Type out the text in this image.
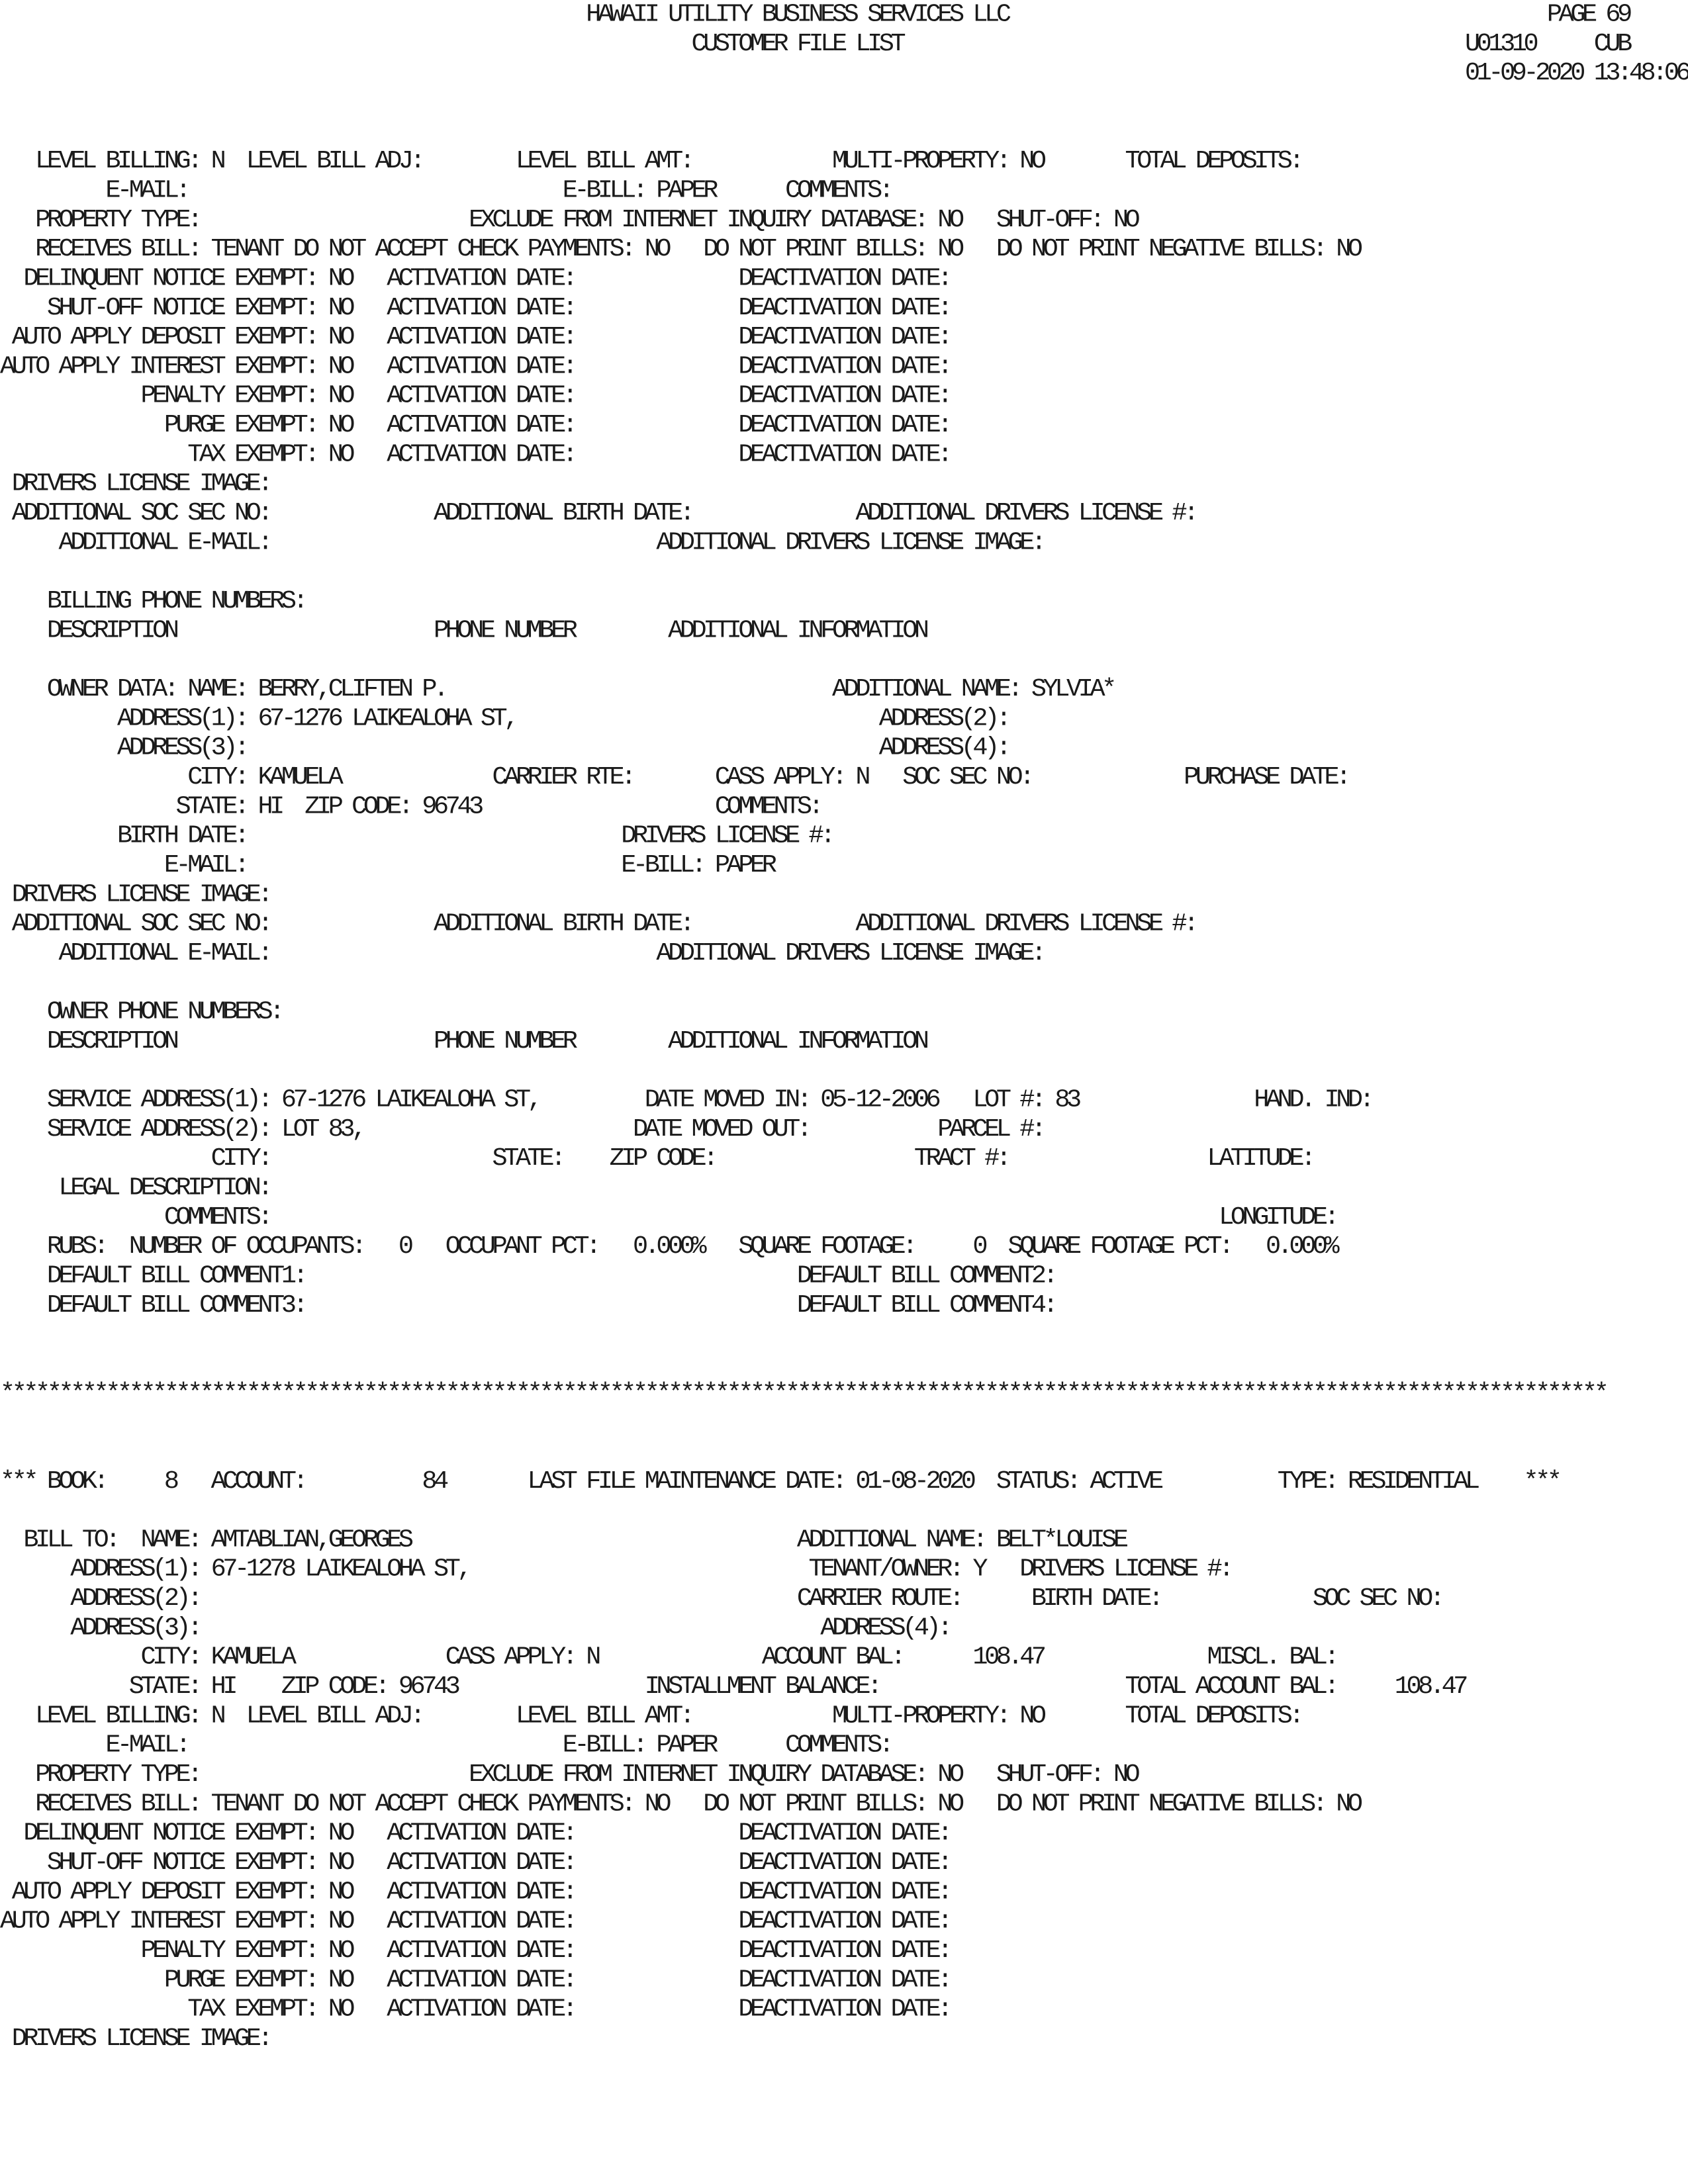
HAWAII UTILITY BUSINESS SERVICES LLC                                              PAGE 69
CUSTOMER FILE LIST                                                U01310     CUB
01-09-2020 13:48:06

LEVEL BILLING: N  LEVEL BILL ADJ:        LEVEL BILL AMT:            MULTI-PROPERTY: NO       TOTAL DEPOSITS:
E-MAIL:                                E-BILL: PAPER      COMMENTS:
PROPERTY TYPE:                       EXCLUDE FROM INTERNET INQUIRY DATABASE: NO   SHUT-OFF: NO
RECEIVES BILL: TENANT DO NOT ACCEPT CHECK PAYMENTS: NO   DO NOT PRINT BILLS: NO   DO NOT PRINT NEGATIVE BILLS: NO
DELINQUENT NOTICE EXEMPT: NO   ACTIVATION DATE:              DEACTIVATION DATE:
SHUT-OFF NOTICE EXEMPT: NO   ACTIVATION DATE:              DEACTIVATION DATE:
AUTO APPLY DEPOSIT EXEMPT: NO   ACTIVATION DATE:              DEACTIVATION DATE:
AUTO APPLY INTEREST EXEMPT: NO   ACTIVATION DATE:              DEACTIVATION DATE:
PENALTY EXEMPT: NO   ACTIVATION DATE:              DEACTIVATION DATE:
PURGE EXEMPT: NO   ACTIVATION DATE:              DEACTIVATION DATE:
TAX EXEMPT: NO   ACTIVATION DATE:              DEACTIVATION DATE:
DRIVERS LICENSE IMAGE:
ADDITIONAL SOC SEC NO:              ADDITIONAL BIRTH DATE:              ADDITIONAL DRIVERS LICENSE #:
ADDITIONAL E-MAIL:                                 ADDITIONAL DRIVERS LICENSE IMAGE:

BILLING PHONE NUMBERS:
DESCRIPTION                      PHONE NUMBER        ADDITIONAL INFORMATION

OWNER DATA: NAME: BERRY,CLIFTEN P.                                 ADDITIONAL NAME: SYLVIA*
ADDRESS(1): 67-1276 LAIKEALOHA ST,                               ADDRESS(2):
ADDRESS(3):                                                      ADDRESS(4):
CITY: KAMUELA             CARRIER RTE:       CASS APPLY: N   SOC SEC NO:             PURCHASE DATE:
STATE: HI  ZIP CODE: 96743                    COMMENTS:
BIRTH DATE:                                DRIVERS LICENSE #:
E-MAIL:                                E-BILL: PAPER
DRIVERS LICENSE IMAGE:
ADDITIONAL SOC SEC NO:              ADDITIONAL BIRTH DATE:              ADDITIONAL DRIVERS LICENSE #:
ADDITIONAL E-MAIL:                                 ADDITIONAL DRIVERS LICENSE IMAGE:

OWNER PHONE NUMBERS:
DESCRIPTION                      PHONE NUMBER        ADDITIONAL INFORMATION

SERVICE ADDRESS(1): 67-1276 LAIKEALOHA ST,         DATE MOVED IN: 05-12-2006   LOT #: 83               HAND. IND:
SERVICE ADDRESS(2): LOT 83,                       DATE MOVED OUT:           PARCEL #:
CITY:                   STATE:    ZIP CODE:                 TRACT #:                 LATITUDE:
LEGAL DESCRIPTION:
COMMENTS:                                                                                 LONGITUDE:
RUBS:  NUMBER OF OCCUPANTS:   0   OCCUPANT PCT:   0.000%   SQUARE FOOTAGE:     0  SQUARE FOOTAGE PCT:   0.000%
DEFAULT BILL COMMENT1:                                          DEFAULT BILL COMMENT2:
DEFAULT BILL COMMENT3:                                          DEFAULT BILL COMMENT4:

*****************************************************************************************************************************************

*** BOOK:     8   ACCOUNT:          84       LAST FILE MAINTENANCE DATE: 01-08-2020  STATUS: ACTIVE          TYPE: RESIDENTIAL    ***

BILL TO:  NAME: AMTABLIAN,GEORGES                                 ADDITIONAL NAME: BELT*LOUISE
ADDRESS(1): 67-1278 LAIKEALOHA ST,                             TENANT/OWNER: Y   DRIVERS LICENSE #:
ADDRESS(2):                                                   CARRIER ROUTE:      BIRTH DATE:             SOC SEC NO:
ADDRESS(3):                                                     ADDRESS(4):
CITY: KAMUELA             CASS APPLY: N              ACCOUNT BAL:      108.47              MISCL. BAL:
STATE: HI    ZIP CODE: 96743                INSTALLMENT BALANCE:                     TOTAL ACCOUNT BAL:     108.47
LEVEL BILLING: N  LEVEL BILL ADJ:        LEVEL BILL AMT:            MULTI-PROPERTY: NO       TOTAL DEPOSITS:
E-MAIL:                                E-BILL: PAPER      COMMENTS:
PROPERTY TYPE:                       EXCLUDE FROM INTERNET INQUIRY DATABASE: NO   SHUT-OFF: NO
RECEIVES BILL: TENANT DO NOT ACCEPT CHECK PAYMENTS: NO   DO NOT PRINT BILLS: NO   DO NOT PRINT NEGATIVE BILLS: NO
DELINQUENT NOTICE EXEMPT: NO   ACTIVATION DATE:              DEACTIVATION DATE:
SHUT-OFF NOTICE EXEMPT: NO   ACTIVATION DATE:              DEACTIVATION DATE:
AUTO APPLY DEPOSIT EXEMPT: NO   ACTIVATION DATE:              DEACTIVATION DATE:
AUTO APPLY INTEREST EXEMPT: NO   ACTIVATION DATE:              DEACTIVATION DATE:
PENALTY EXEMPT: NO   ACTIVATION DATE:              DEACTIVATION DATE:
PURGE EXEMPT: NO   ACTIVATION DATE:              DEACTIVATION DATE:
TAX EXEMPT: NO   ACTIVATION DATE:              DEACTIVATION DATE:
DRIVERS LICENSE IMAGE:
